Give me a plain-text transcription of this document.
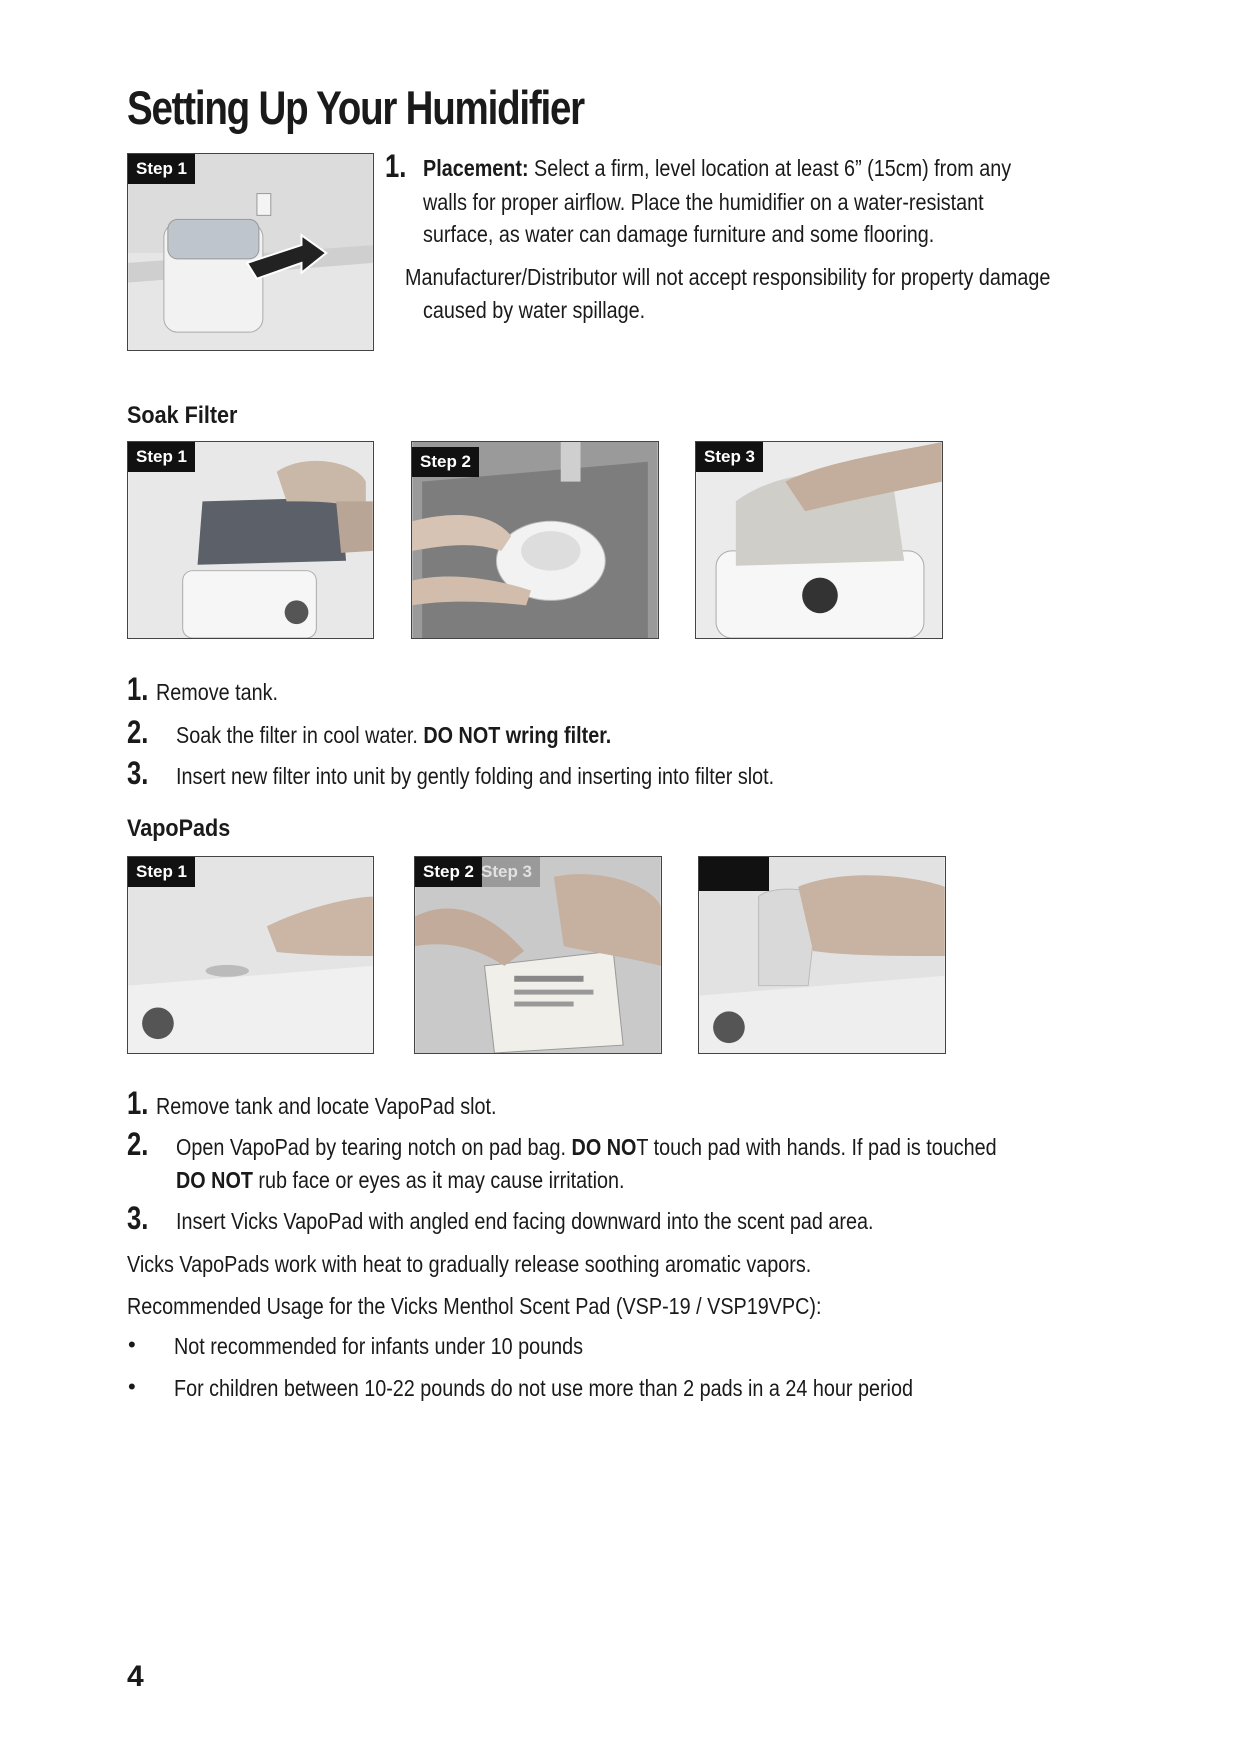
Setting Up Your Humidifier
Step 1	1. Placement: Select a firm, level location at least 6” (15cm) from any
walls for proper airflow. Place the humidifier on a water-resistant
surface, as water can damage furniture and some flooring.
Manufacturer/Distributor will not accept responsibility for property damage
caused by water spillage.
Soak Filter
Step 1	Step 2	Step 3
1. Remove tank.
2. Soak the filter in cool water. DO NOT wring filter.
3. Insert new filter into unit by gently folding and inserting into filter slot.
VapoPads
Step 1	Step 2 Step 3
1. Remove tank and locate VapoPad slot.
2. Open VapoPad by tearing notch on pad bag. DO NOT touch pad with hands. If pad is touched
DO NOT rub face or eyes as it may cause irritation.
3. Insert Vicks VapoPad with angled end facing downward into the scent pad area.
Vicks VapoPads work with heat to gradually release soothing aromatic vapors.
Recommended Usage for the Vicks Menthol Scent Pad (VSP-19 / VSP19VPC):
• Not recommended for infants under 10 pounds
• For children between 10-22 pounds do not use more than 2 pads in a 24 hour period
4
